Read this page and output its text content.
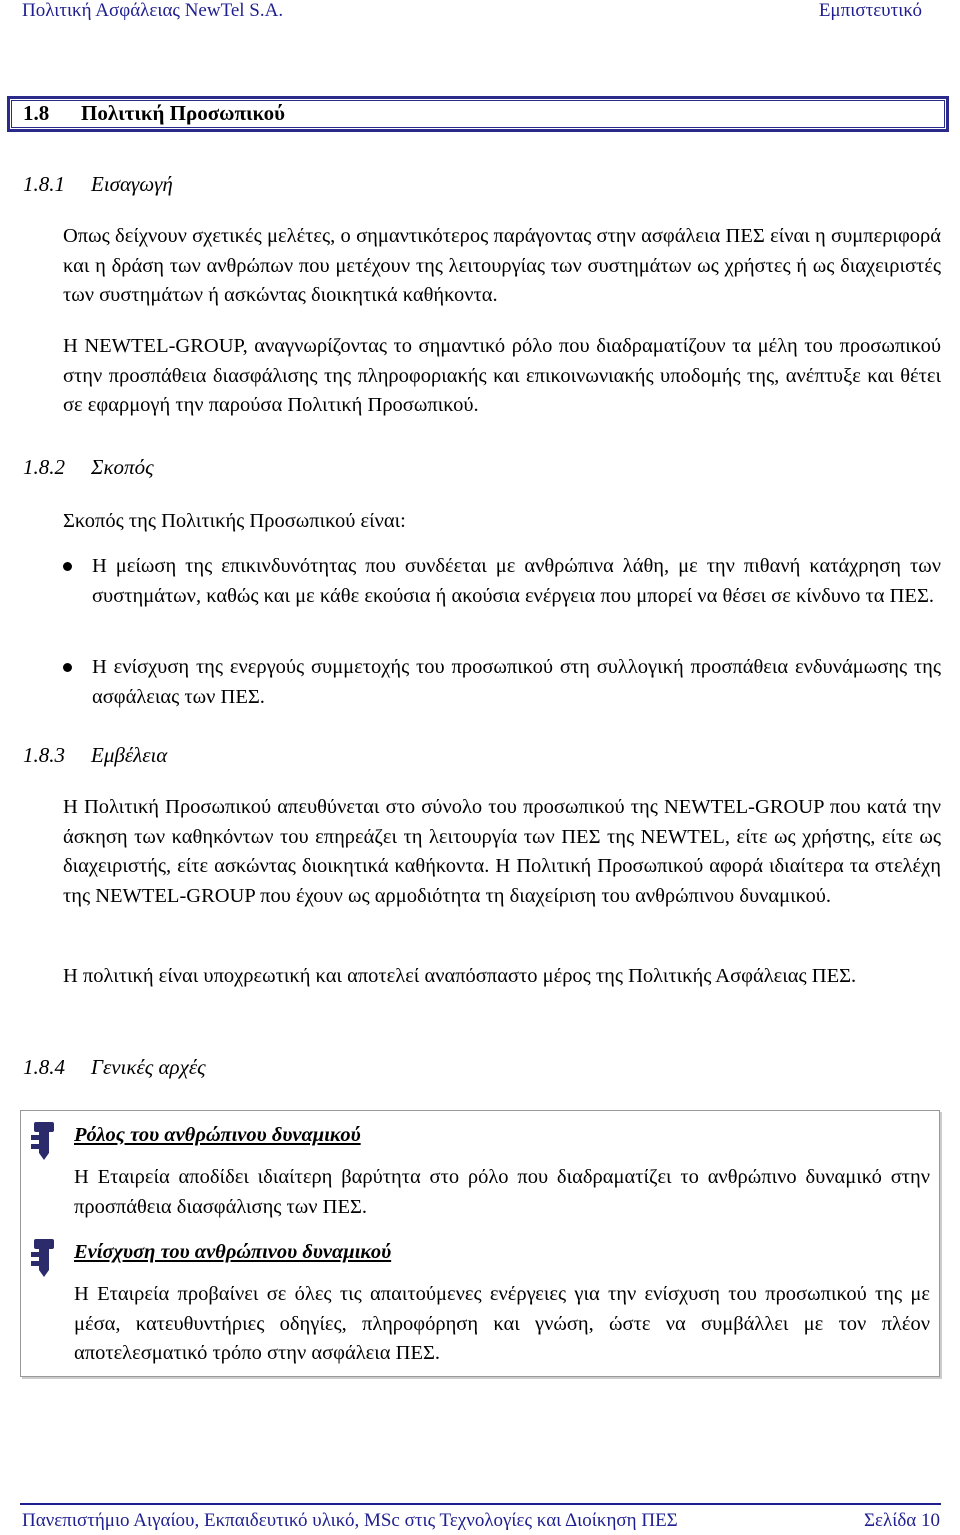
Πολιτική Ασφάλειας NewTel S.A.	Εμπιστευτικό
1.8 Πολιτική Προσωπικού
1.8.1 Εισαγωγή
Οπως δείχνουν σχετικές μελέτες, ο σημαντικότερος παράγοντας στην ασφάλεια ΠΕΣ είναι η συμπεριφορά και η δράση των ανθρώπων που μετέχουν της λειτουργίας των συστημάτων ως χρήστες ή ως διαχειριστές των συστημάτων ή ασκώντας διοικητικά καθήκοντα.
Η NEWTEL-GROUP, αναγνωρίζοντας το σημαντικό ρόλο που διαδραματίζουν τα μέλη του προσωπικού στην προσπάθεια διασφάλισης της πληροφοριακής και επικοινωνιακής υποδομής της, ανέπτυξε και θέτει σε εφαρμογή την παρούσα Πολιτική Προσωπικού.
1.8.2 Σκοπός
Σκοπός της Πολιτικής Προσωπικού είναι:
Η μείωση της επικινδυνότητας που συνδέεται με ανθρώπινα λάθη, με την πιθανή κατάχρηση των συστημάτων, καθώς και με κάθε εκούσια ή ακούσια ενέργεια που μπορεί να θέσει σε κίνδυνο τα ΠΕΣ.
Η ενίσχυση της ενεργούς συμμετοχής του προσωπικού στη συλλογική προσπάθεια ενδυνάμωσης της ασφάλειας των ΠΕΣ.
1.8.3 Εμβέλεια
Η Πολιτική Προσωπικού απευθύνεται στο σύνολο του προσωπικού της NEWTEL-GROUP που κατά την άσκηση των καθηκόντων του επηρεάζει τη λειτουργία των ΠΕΣ της NEWTEL, είτε ως χρήστης, είτε ως διαχειριστής, είτε ασκώντας διοικητικά καθήκοντα. Η Πολιτική Προσωπικού αφορά ιδιαίτερα τα στελέχη της NEWTEL-GROUP που έχουν ως αρμοδιότητα τη διαχείριση του ανθρώπινου δυναμικού.
Η πολιτική είναι υποχρεωτική και αποτελεί αναπόσπαστο μέρος της Πολιτικής Ασφάλειας ΠΕΣ.
1.8.4 Γενικές αρχές
Ρόλος του ανθρώπινου δυναμικού
Η Εταιρεία αποδίδει ιδιαίτερη βαρύτητα στο ρόλο που διαδραματίζει το ανθρώπινο δυναμικό στην προσπάθεια διασφάλισης των ΠΕΣ.
Ενίσχυση του ανθρώπινου δυναμικού
Η Εταιρεία προβαίνει σε όλες τις απαιτούμενες ενέργειες για την ενίσχυση του προσωπικού της με μέσα, κατευθυντήριες οδηγίες, πληροφόρηση και γνώση, ώστε να συμβάλλει με τον πλέον αποτελεσματικό τρόπο στην ασφάλεια ΠΕΣ.
Πανεπιστήμιο Αιγαίου, Εκπαιδευτικό υλικό, MSc στις Τεχνολογίες και Διοίκηση ΠΕΣ	Σελίδα 10
